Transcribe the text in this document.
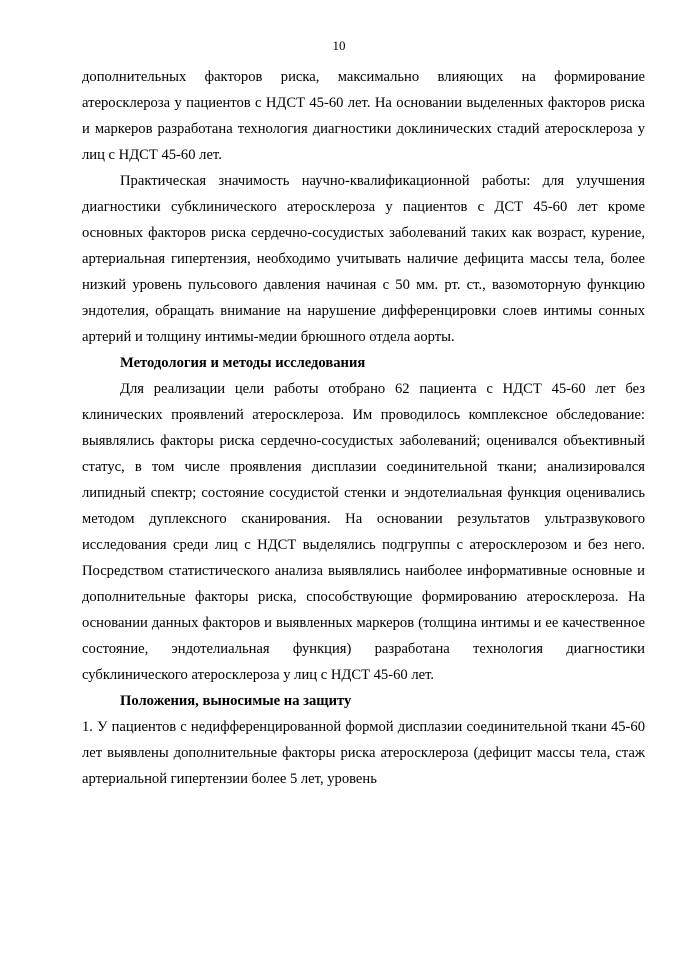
10

дополнительных факторов риска, максимально влияющих на формирование атеросклероза у пациентов с НДСТ 45-60 лет. На основании выделенных факторов риска и маркеров разработана технология диагностики доклинических стадий атеросклероза у лиц с НДСТ 45-60 лет.

Практическая значимость научно-квалификационной работы: для улучшения диагностики субклинического атеросклероза у пациентов с ДСТ 45-60 лет кроме основных факторов риска сердечно-сосудистых заболеваний таких как возраст, курение, артериальная гипертензия, необходимо учитывать наличие дефицита массы тела, более низкий уровень пульсового давления начиная с 50 мм. рт. ст., вазомоторную функцию эндотелия, обращать внимание на нарушение дифференцировки слоев интимы сонных артерий и толщину интимы-медии брюшного отдела аорты.

Методология и методы исследования

Для реализации цели работы отобрано 62 пациента с НДСТ 45-60 лет без клинических проявлений атеросклероза. Им проводилось комплексное обследование: выявлялись факторы риска сердечно-сосудистых заболеваний; оценивался объективный статус, в том числе проявления дисплазии соединительной ткани; анализировался липидный спектр; состояние сосудистой стенки и эндотелиальная функция оценивались методом дуплексного сканирования. На основании результатов ультразвукового исследования среди лиц с НДСТ выделялись подгруппы с атеросклерозом и без него. Посредством статистического анализа выявлялись наиболее информативные основные и дополнительные факторы риска, способствующие формированию атеросклероза. На основании данных факторов и выявленных маркеров (толщина интимы и ее качественное состояние, эндотелиальная функция) разработана технология диагностики субклинического атеросклероза у лиц с НДСТ 45-60 лет.

Положения, выносимые на защиту

1. У пациентов с недифференцированной формой дисплазии соединительной ткани 45-60 лет выявлены дополнительные факторы риска атеросклероза (дефицит массы тела, стаж артериальной гипертензии более 5 лет, уровень
